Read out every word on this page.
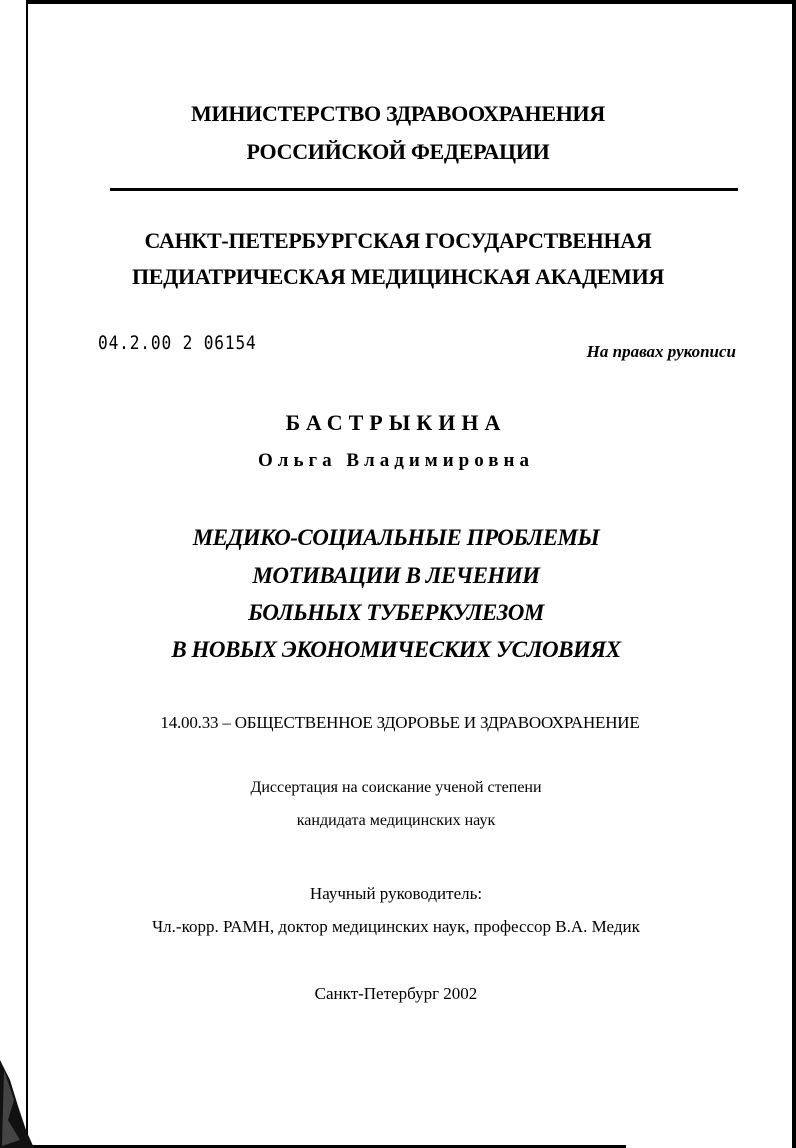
МИНИСТЕРСТВО ЗДРАВООХРАНЕНИЯ
РОССИЙСКОЙ ФЕДЕРАЦИИ
САНКТ-ПЕТЕРБУРГСКАЯ ГОСУДАРСТВЕННАЯ
ПЕДИАТРИЧЕСКАЯ МЕДИЦИНСКАЯ АКАДЕМИЯ
04.2.00 2 06154	На правах рукописи
БАСТРЫКИНА
Ольга Владимировна
МЕДИКО-СОЦИАЛЬНЫЕ ПРОБЛЕМЫ
МОТИВАЦИИ В ЛЕЧЕНИИ
БОЛЬНЫХ ТУБЕРКУЛЕЗОМ
В НОВЫХ ЭКОНОМИЧЕСКИХ УСЛОВИЯХ
14.00.33 – ОБЩЕСТВЕННОЕ ЗДОРОВЬЕ И ЗДРАВООХРАНЕНИЕ
Диссертация на соискание ученой степени
кандидата медицинских наук
Научный руководитель:
Чл.-корр. РАМН, доктор медицинских наук, профессор В.А. Медик
Санкт-Петербург 2002
